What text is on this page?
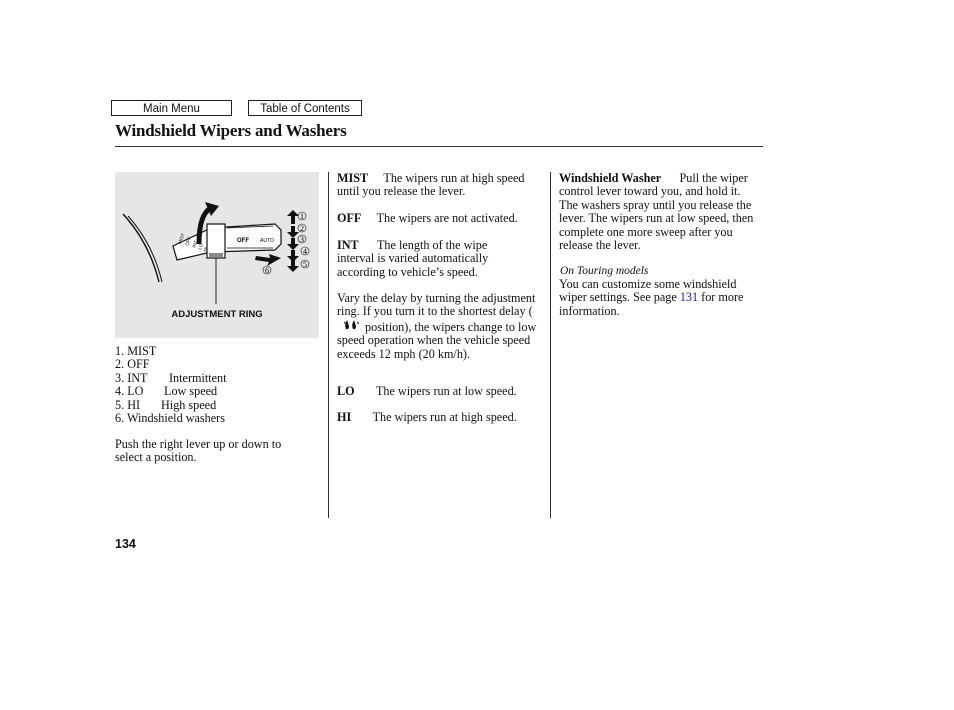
Main Menu	Table of Contents
Windshield Wipers and Washers
OFF AUTO
MIST
OFF INT
LO
HI
1
2
3
4
5
6
ADJUSTMENT RING
1. MIST
2. OFF
3. INT Intermittent
4. LO Low speed
5. HI High speed
6. Windshield washers
Push the right lever up or down to select a position.
MIST The wipers run at high speed until you release the lever.
OFF The wipers are not activated.
INT The length of the wipe interval is varied automatically according to vehicle’s speed.
Vary the delay by turning the adjustment ring. If you turn it to the shortest delay (position), the wipers change to low speed operation when the vehicle speed exceeds 12 mph (20 km/h).
LO The wipers run at low speed.
HI The wipers run at high speed.
Windshield Washer Pull the wiper control lever toward you, and hold it. The washers spray until you release the lever. The wipers run at low speed, then complete one more sweep after you release the lever.
On Touring models
You can customize some windshield wiper settings. See page 131 for more information.
134
